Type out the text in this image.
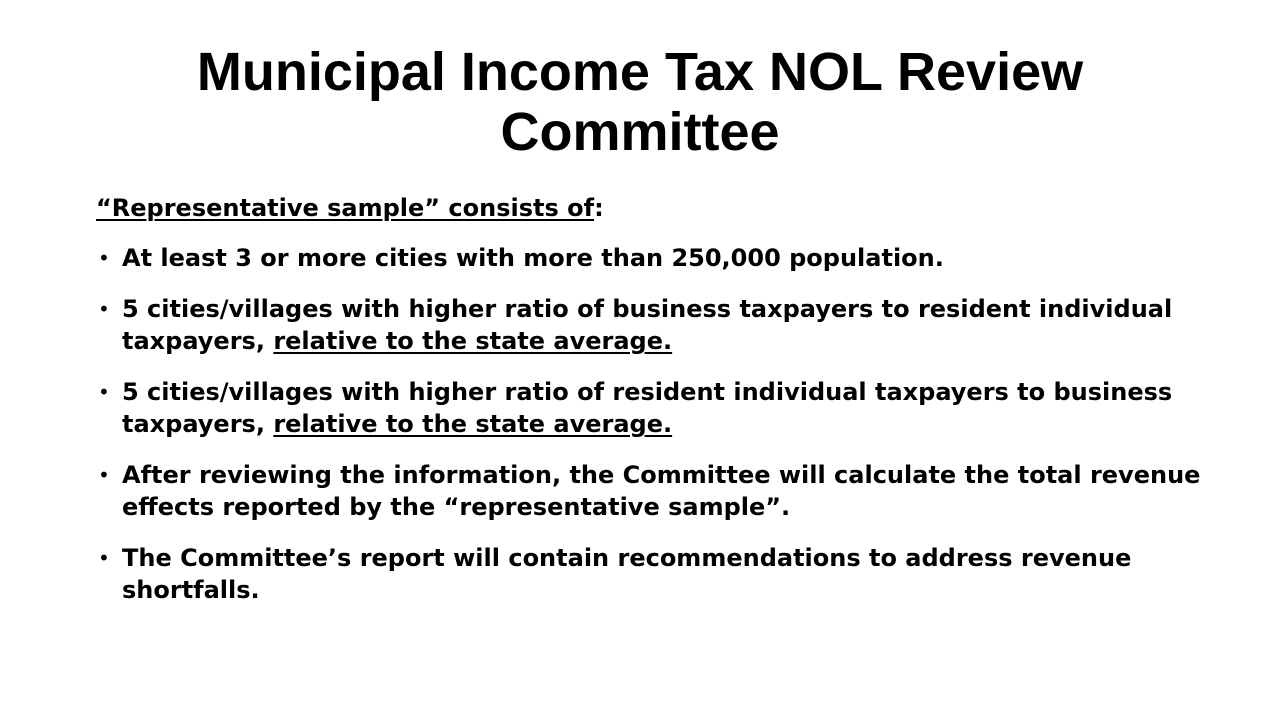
Municipal Income Tax NOL Review Committee

“Representative sample” consists of:

• At least 3 or more cities with more than 250,000 population.
• 5 cities/villages with higher ratio of business taxpayers to resident individual taxpayers, relative to the state average.
• 5 cities/villages with higher ratio of resident individual taxpayers to business taxpayers, relative to the state average.
• After reviewing the information, the Committee will calculate the total revenue effects reported by the “representative sample”.
• The Committee’s report will contain recommendations to address revenue shortfalls.
